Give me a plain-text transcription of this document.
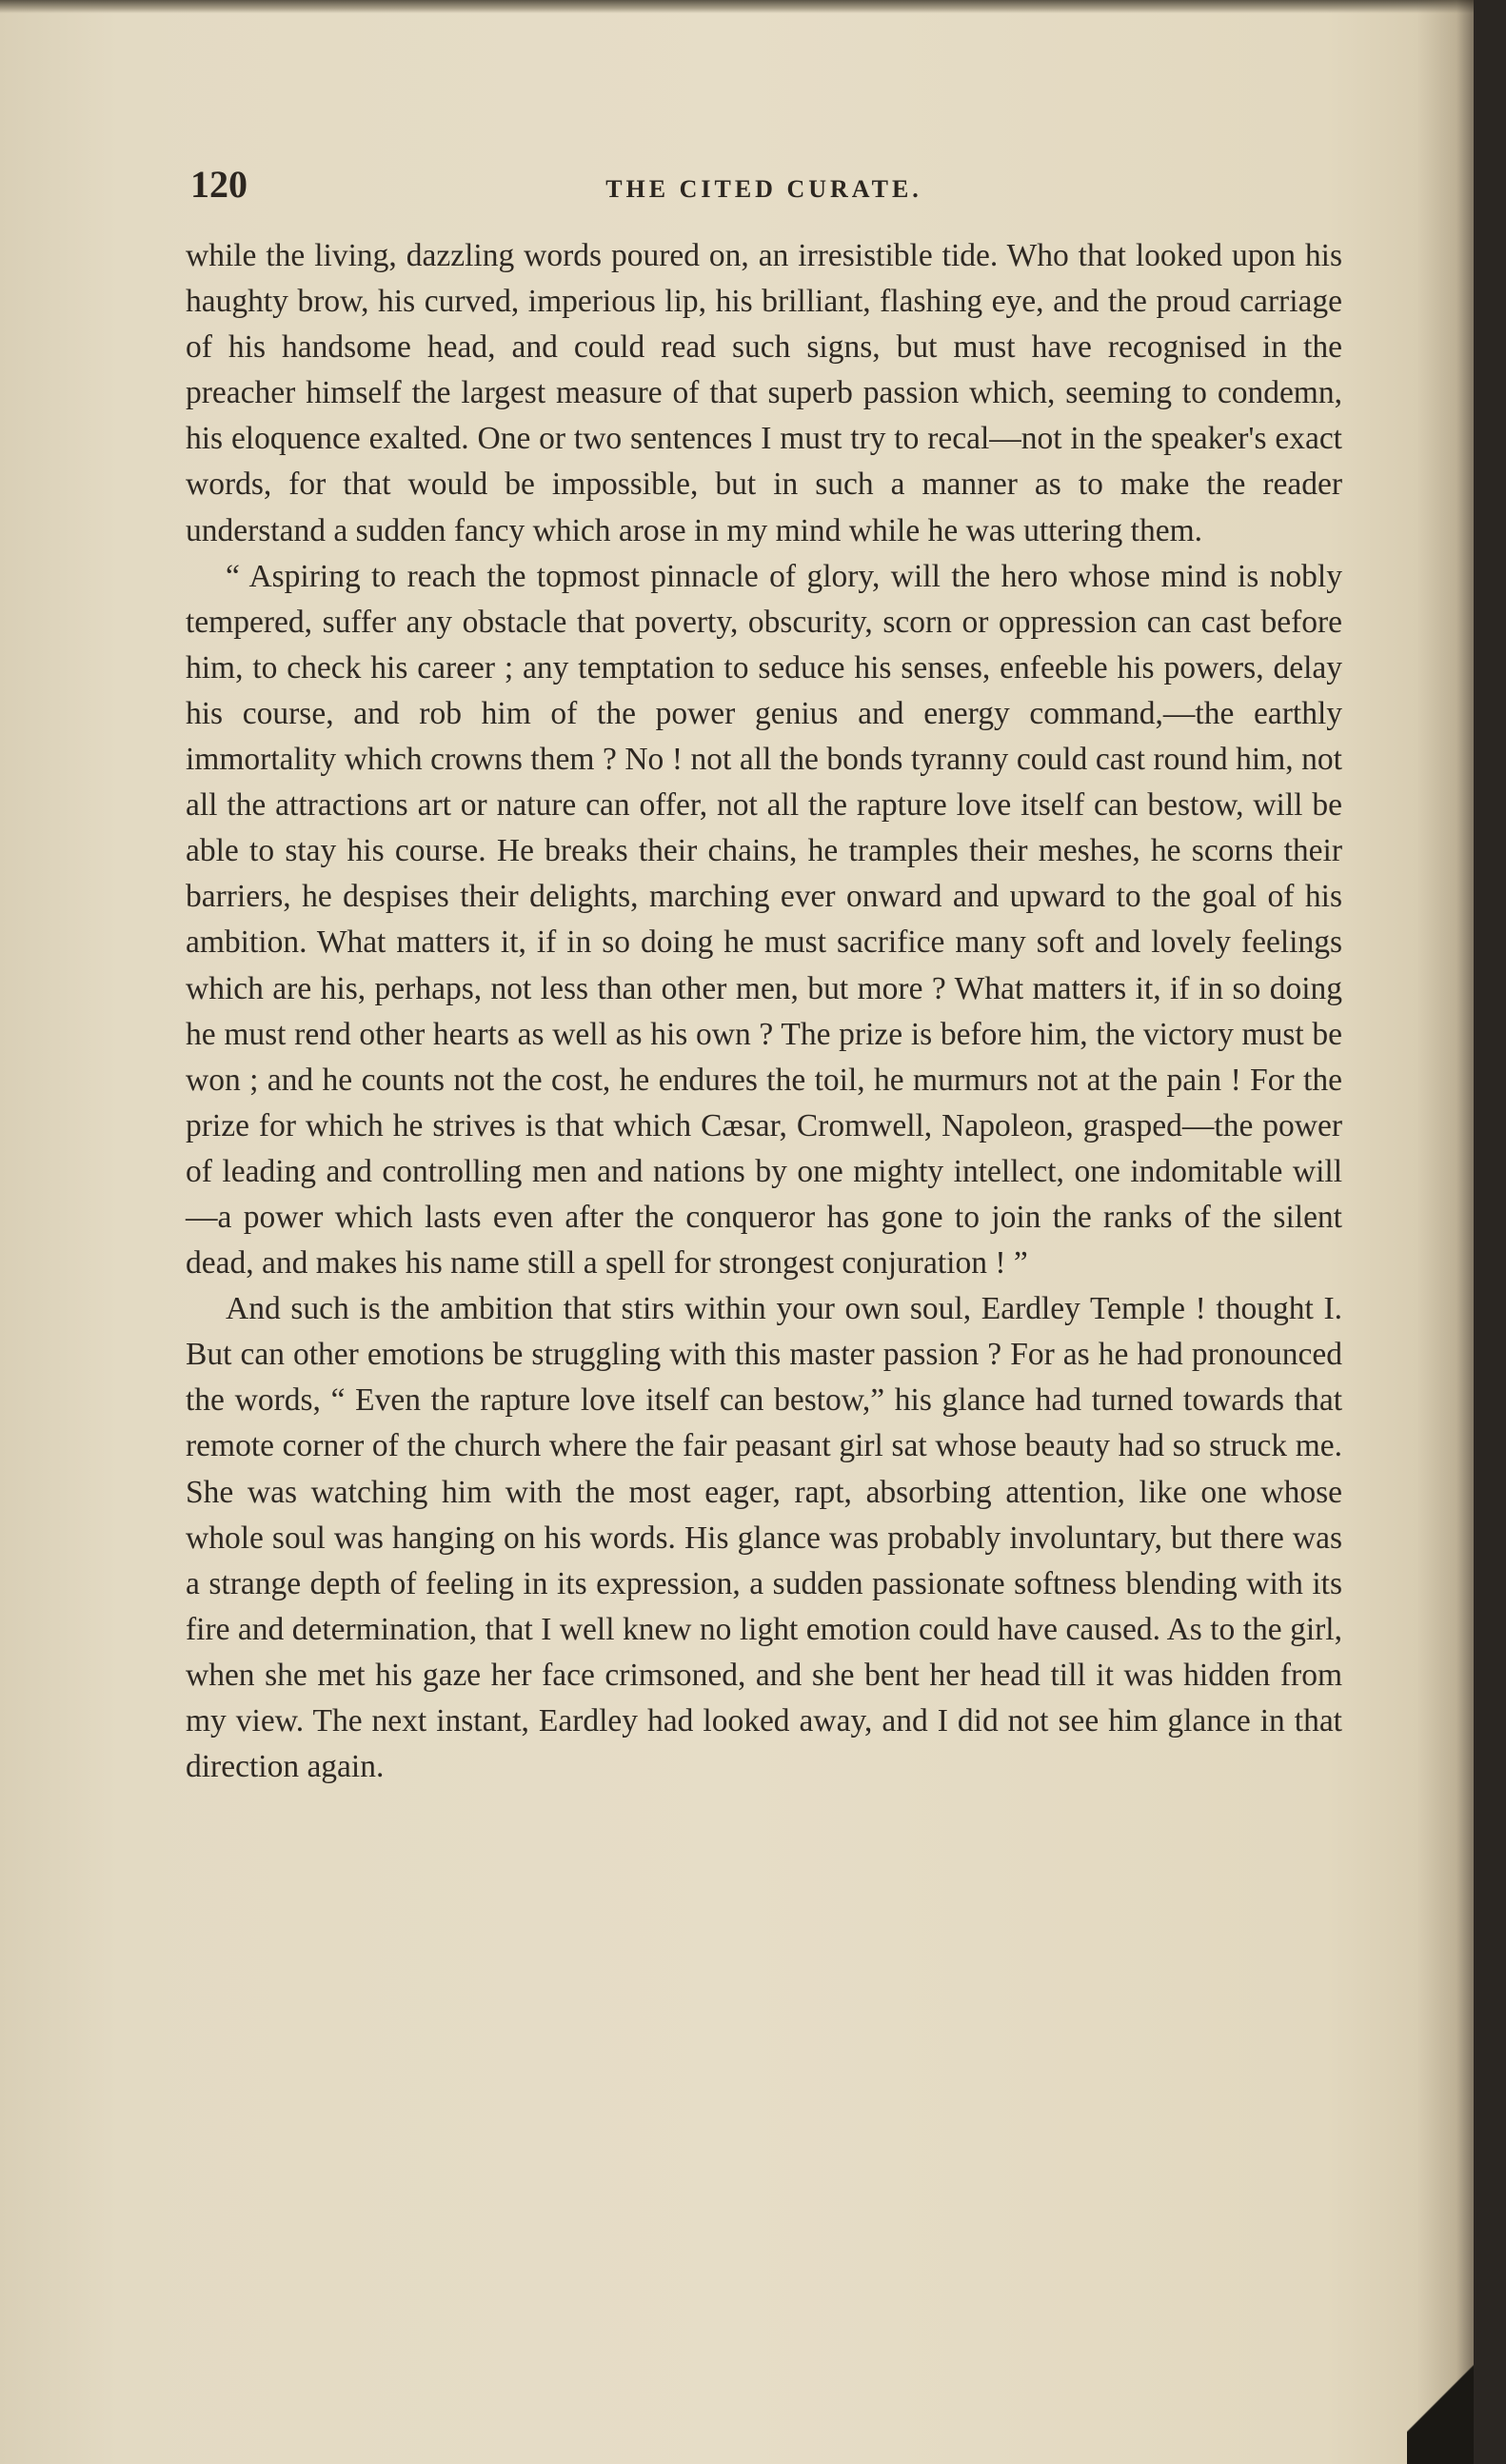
120	THE CITED CURATE.

while the living, dazzling words poured on, an irresistible tide. Who that looked upon his haughty brow, his curved, imperious lip, his brilliant, flashing eye, and the proud carriage of his handsome head, and could read such signs, but must have recognised in the preacher himself the largest measure of that superb passion which, seeming to condemn, his eloquence exalted. One or two sentences I must try to recal—not in the speaker's exact words, for that would be impossible, but in such a manner as to make the reader understand a sudden fancy which arose in my mind while he was uttering them.

“ Aspiring to reach the topmost pinnacle of glory, will the hero whose mind is nobly tempered, suffer any obstacle that poverty, obscurity, scorn or oppression can cast before him, to check his career ; any temptation to seduce his senses, enfeeble his powers, delay his course, and rob him of the power genius and energy command,—the earthly immortality which crowns them ? No ! not all the bonds tyranny could cast round him, not all the attractions art or nature can offer, not all the rapture love itself can bestow, will be able to stay his course. He breaks their chains, he tramples their meshes, he scorns their barriers, he despises their delights, marching ever onward and upward to the goal of his ambition. What matters it, if in so doing he must sacrifice many soft and lovely feelings which are his, perhaps, not less than other men, but more ? What matters it, if in so doing he must rend other hearts as well as his own ? The prize is before him, the victory must be won ; and he counts not the cost, he endures the toil, he murmurs not at the pain ! For the prize for which he strives is that which Cæsar, Cromwell, Napoleon, grasped—the power of leading and controlling men and nations by one mighty intellect, one indomitable will—a power which lasts even after the conqueror has gone to join the ranks of the silent dead, and makes his name still a spell for strongest conjuration ! ”

And such is the ambition that stirs within your own soul, Eardley Temple ! thought I. But can other emotions be struggling with this master passion ? For as he had pronounced the words, “ Even the rapture love itself can bestow,” his glance had turned towards that remote corner of the church where the fair peasant girl sat whose beauty had so struck me. She was watching him with the most eager, rapt, absorbing attention, like one whose whole soul was hanging on his words. His glance was probably involuntary, but there was a strange depth of feeling in its expression, a sudden passionate softness blending with its fire and determination, that I well knew no light emotion could have caused. As to the girl, when she met his gaze her face crimsoned, and she bent her head till it was hidden from my view. The next instant, Eardley had looked away, and I did not see him glance in that direction again.
